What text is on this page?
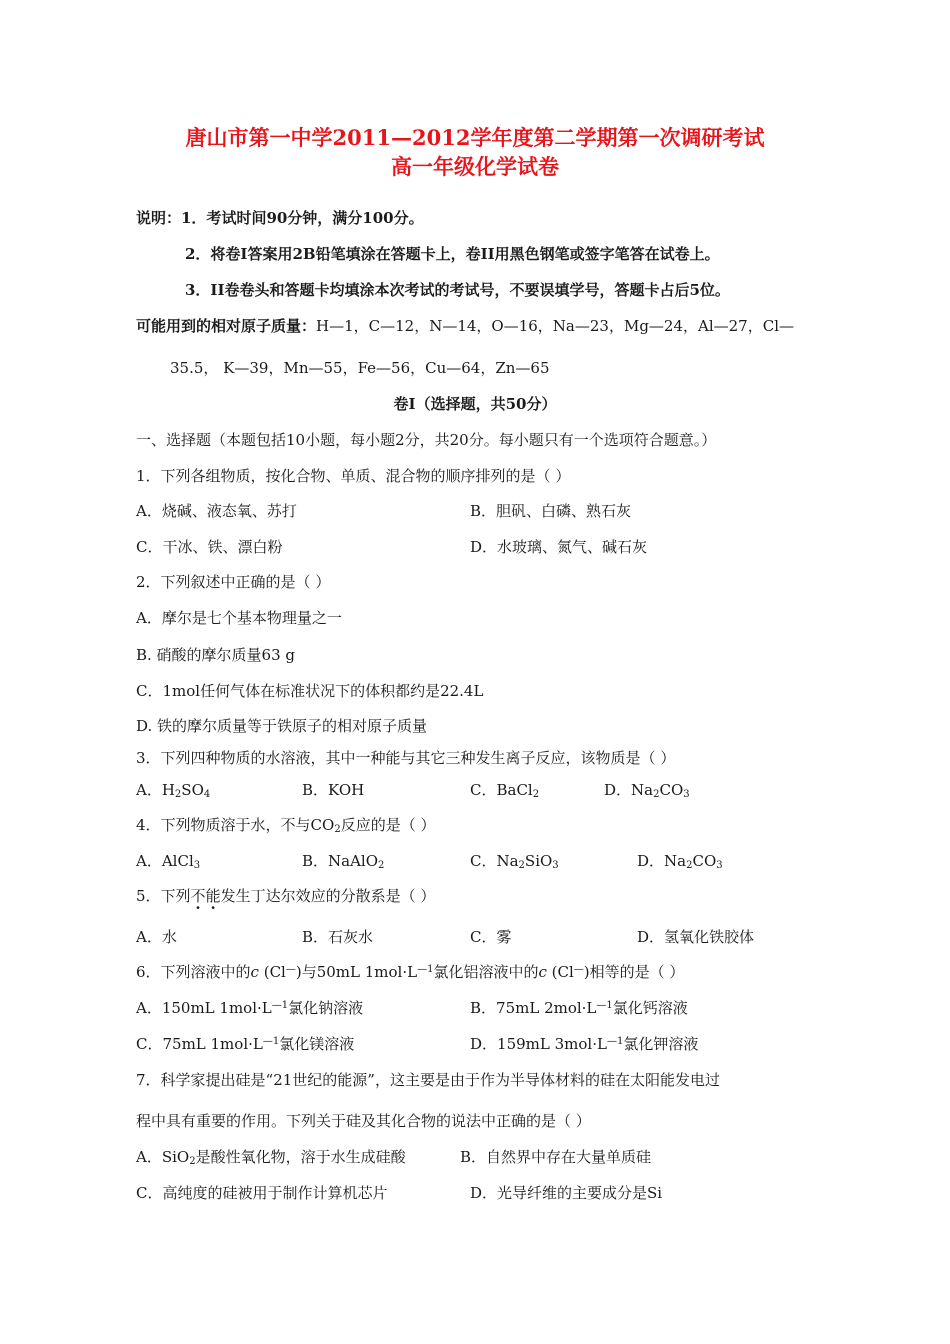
唐山市第一中学2011—2012学年度第二学期第一次调研考试
高一年级化学试卷
说明：1．考试时间90分钟，满分100分。
2．将卷I答案用2B铅笔填涂在答题卡上，卷II用黑色钢笔或签字笔答在试卷上。
3．II卷卷头和答题卡均填涂本次考试的考试号，不要误填学号，答题卡占后5位。
可能用到的相对原子质量：H—1，C—12，N—14，O—16，Na—23，Mg—24，Al—27，Cl—
35.5， K—39，Mn—55，Fe—56，Cu—64，Zn—65
卷I（选择题，共50分）
一、选择题（本题包括10小题，每小题2分，共20分。每小题只有一个选项符合题意。）
1．下列各组物质，按化合物、单质、混合物的顺序排列的是（ ）
A．烧碱、液态氧、苏打	B．胆矾、白磷、熟石灰
C．干冰、铁、漂白粉	D．水玻璃、氮气、碱石灰
2．下列叙述中正确的是（ ）
A．摩尔是七个基本物理量之一
B. 硝酸的摩尔质量63 g
C．1mol任何气体在标准状况下的体积都约是22.4L
D. 铁的摩尔质量等于铁原子的相对原子质量
3．下列四种物质的水溶液，其中一种能与其它三种发生离子反应，该物质是（ ）
A．$H_2SO_4$	B．KOH	C．BaCl$_2$	D．$Na_2CO_3$
4．下列物质溶于水，不与$CO_2$反应的是（ ）
A．AlCl$_3$	B．NaAlO$_2$	C．$Na_2SiO_3$	D．$Na_2CO_3$
5．下列不能发生丁达尔效应的分散系是（ ）
A．水	B．石灰水	C．雾	D．氢氧化铁胶体
6．下列溶液中的c (Cl—)与50mL $1mol\cdot L^{—1}$氯化铝溶液中的c (Cl—)相等的是（ ）
A．150mL $1mol\cdot L^{—1}$氯化钠溶液	B．75mL $2mol\cdot L^{—1}$氯化钙溶液
C．75mL $1mol\cdot L^{—1}$氯化镁溶液	D．159mL $3mol\cdot L^{—1}$氯化钾溶液
7．科学家提出硅是“21世纪的能源”，这主要是由于作为半导体材料的硅在太阳能发电过
程中具有重要的作用。下列关于硅及其化合物的说法中正确的是（ ）
A．SiO$_2$是酸性氧化物，溶于水生成硅酸	B．自然界中存在大量单质硅
C．高纯度的硅被用于制作计算机芯片	D．光导纤维的主要成分是Si
